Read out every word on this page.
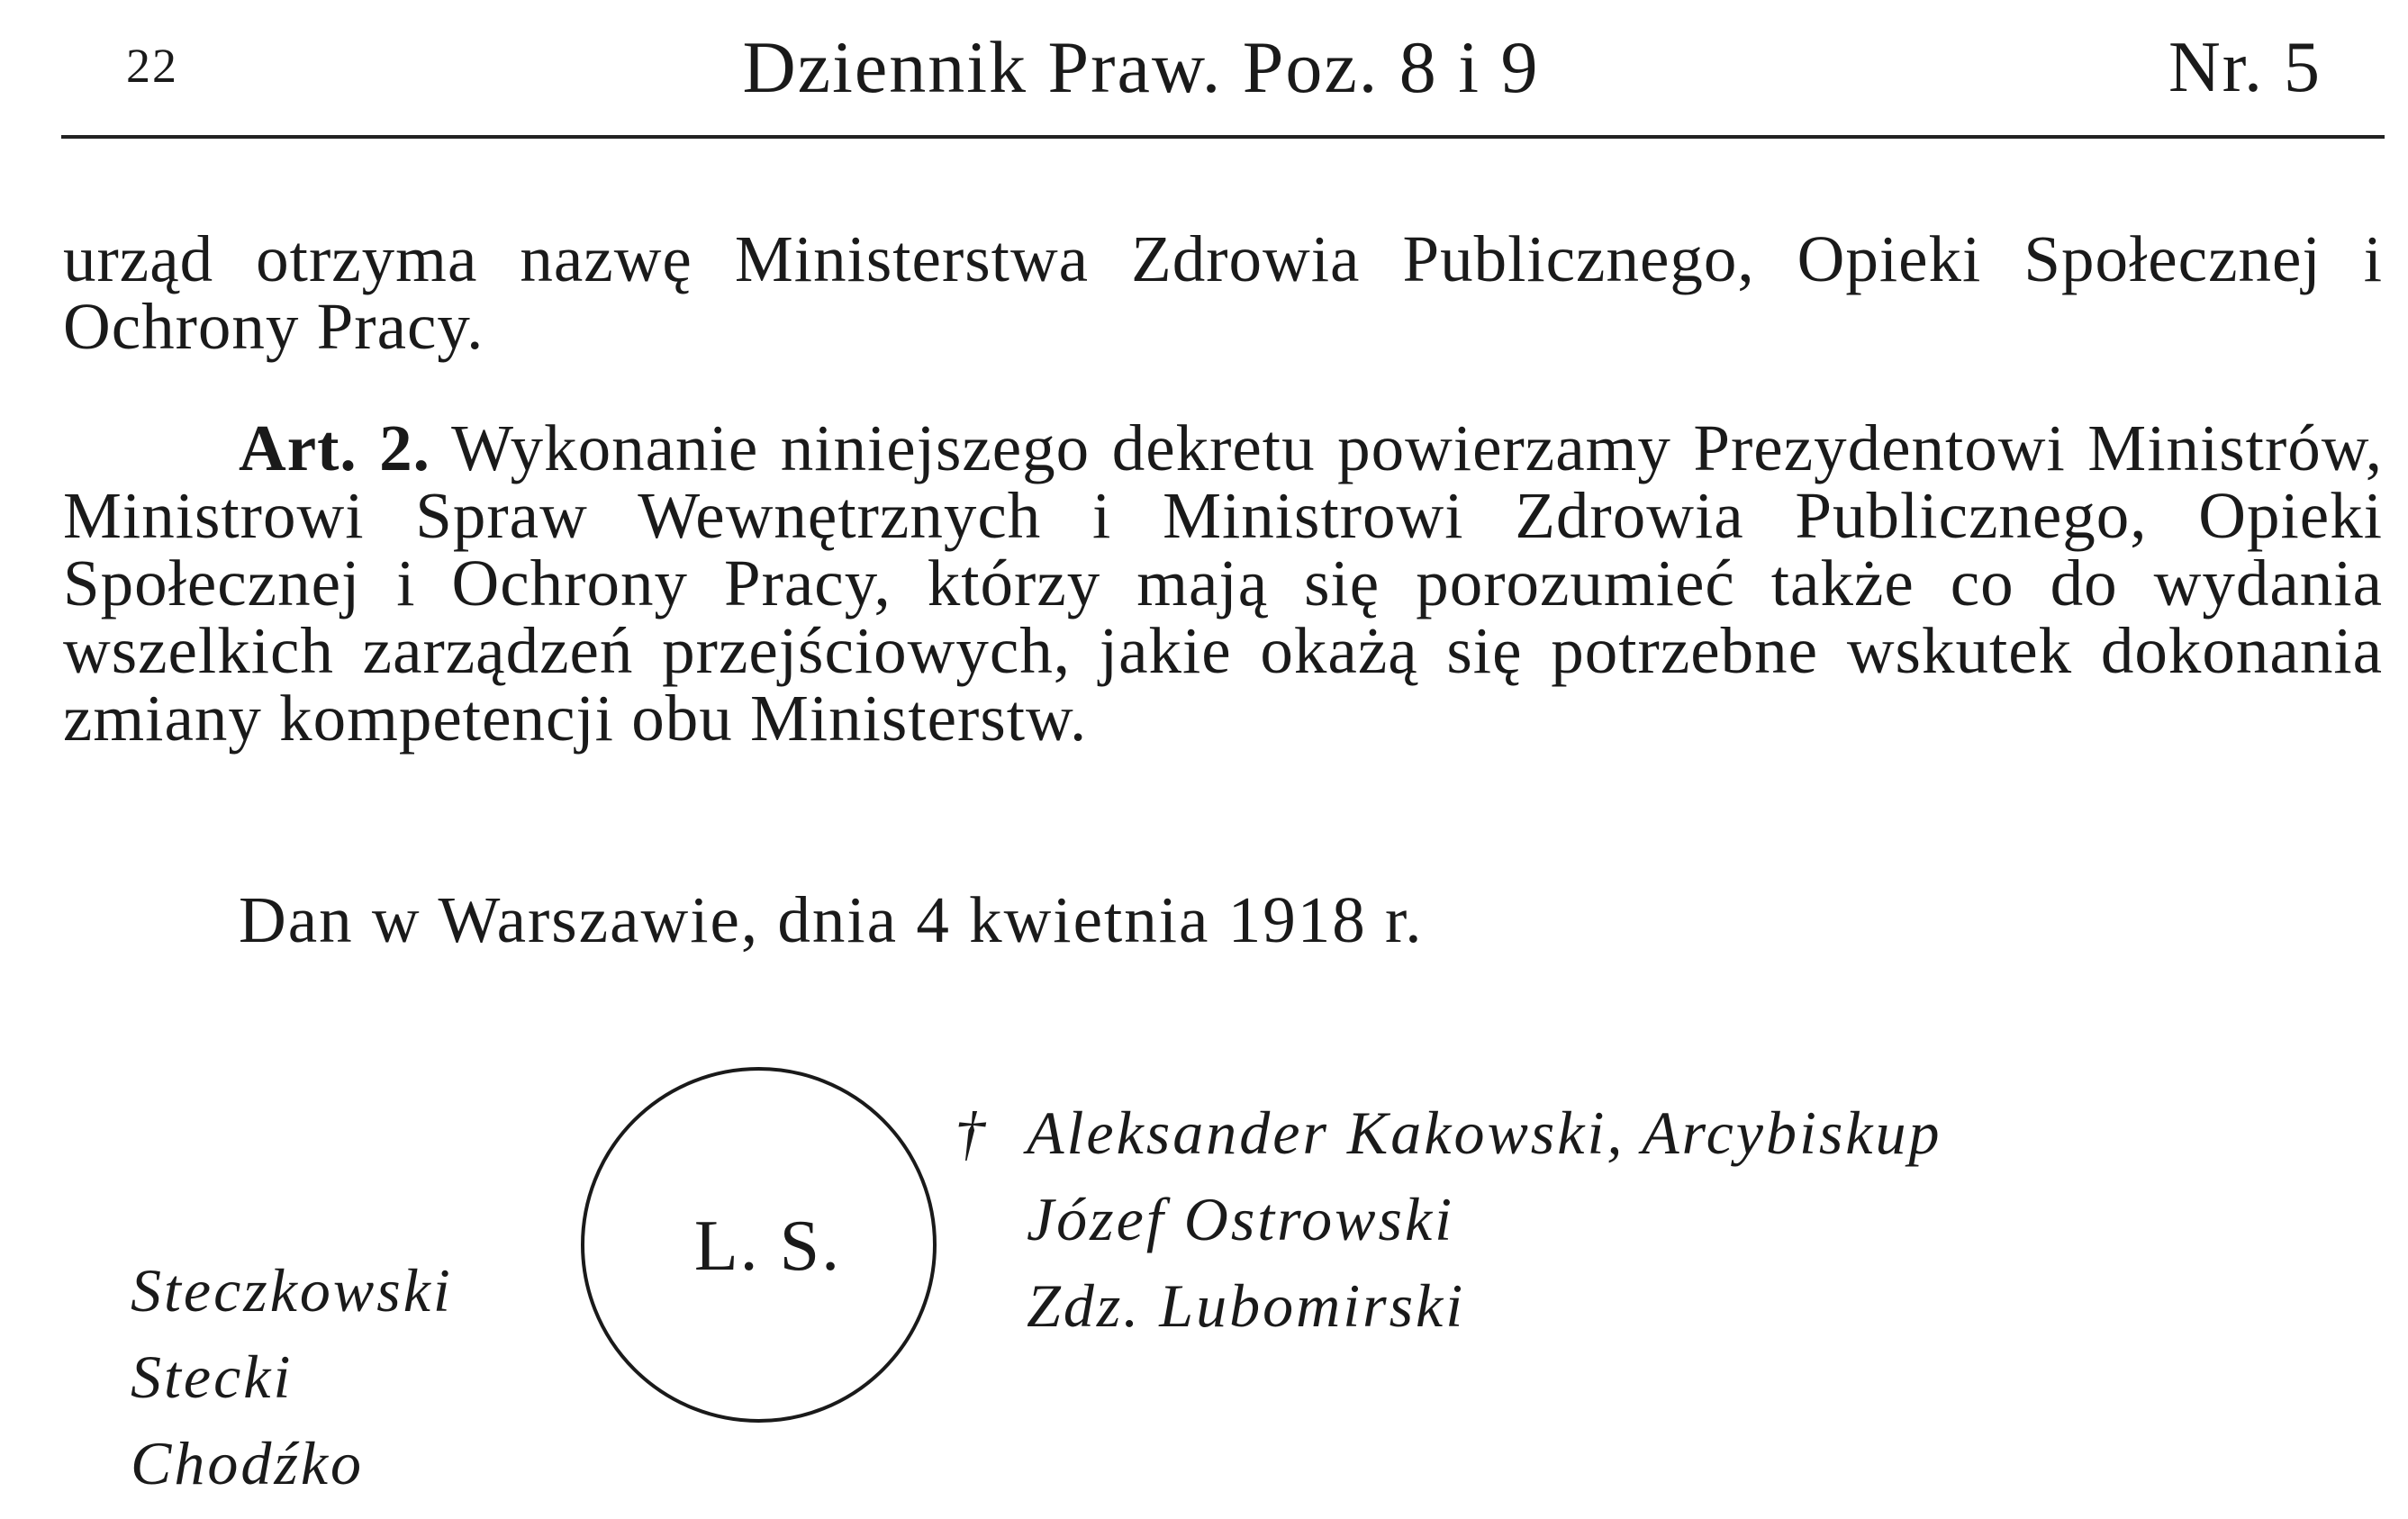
22	Dziennik Praw. Poz. 8 i 9	Nr. 5
urząd otrzyma nazwę Ministerstwa Zdrowia Publicznego, Opieki Społecznej i Ochrony Pracy.
Art. 2. Wykonanie niniejszego dekretu powierzamy Prezydentowi Ministrów, Ministrowi Spraw Wewnętrznych i Ministrowi Zdrowia Publicznego, Opieki Społecznej i Ochrony Pracy, którzy mają się porozumieć także co do wydania wszelkich zarządzeń przejściowych, jakie okażą się potrzebne wskutek dokonania zmiany kompetencji obu Ministerstw.
Dan w Warszawie, dnia 4 kwietnia 1918 r.
L. S.
† Aleksander Kakowski, Arcybiskup
Józef Ostrowski
Zdz. Lubomirski
Steczkowski
Stecki
Chodźko
